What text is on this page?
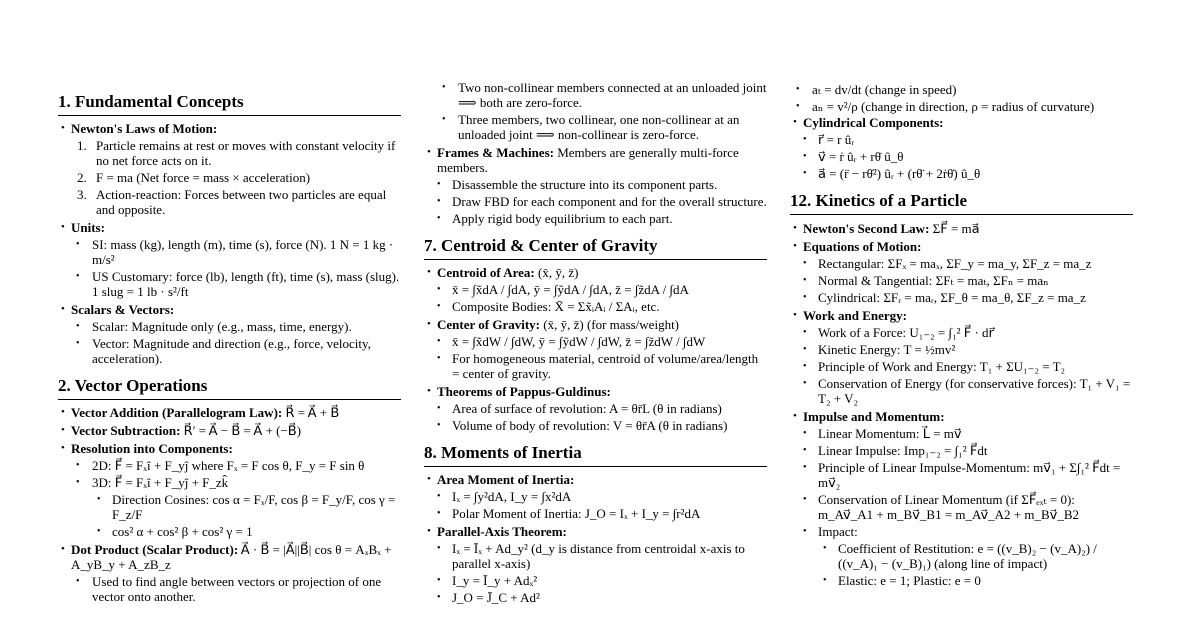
1. Fundamental Concepts
• Newton's Laws of Motion:
1. Particle remains at rest or moves with constant velocity if no net force acts on it.
2. F = ma (Net force = mass × acceleration)
3. Action-reaction: Forces between two particles are equal and opposite.
• Units:
• SI: mass (kg), length (m), time (s), force (N). 1 N = 1 kg · m/s²
• US Customary: force (lb), length (ft), time (s), mass (slug). 1 slug = 1 lb · s²/ft
• Scalars & Vectors:
• Scalar: Magnitude only (e.g., mass, time, energy).
• Vector: Magnitude and direction (e.g., force, velocity, acceleration).
2. Vector Operations
• Vector Addition (Parallelogram Law): R⃗ = A⃗ + B⃗
• Vector Subtraction: R⃗′ = A⃗ − B⃗ = A⃗ + (−B⃗)
• Resolution into Components:
• 2D: F⃗ = Fₓî + F_yĵ where Fₓ = F cos θ, F_y = F sin θ
• 3D: F⃗ = Fₓî + F_yĵ + F_zk̂
• Direction Cosines: cos α = Fₓ/F, cos β = F_y/F, cos γ = F_z/F
• cos² α + cos² β + cos² γ = 1
• Dot Product (Scalar Product): A⃗ · B⃗ = |A⃗||B⃗| cos θ = AₓBₓ + A_yB_y + A_zB_z
• Used to find angle between vectors or projection of one vector onto another.
• Two non-collinear members connected at an unloaded joint ⟹ both are zero-force.
• Three members, two collinear, one non-collinear at an unloaded joint ⟹ non-collinear is zero-force.
• Frames & Machines: Members are generally multi-force members.
• Disassemble the structure into its component parts.
• Draw FBD for each component and for the overall structure.
• Apply rigid body equilibrium to each part.
7. Centroid & Center of Gravity
• Centroid of Area: (x̄, ȳ, z̄)
• x̄ = ∫x̃dA / ∫dA, ȳ = ∫ỹdA / ∫dA, z̄ = ∫z̃dA / ∫dA
• Composite Bodies: X̄ = Σx̃ᵢAᵢ / ΣAᵢ, etc.
• Center of Gravity: (x̄, ȳ, z̄) (for mass/weight)
• x̄ = ∫x̃dW / ∫dW, ȳ = ∫ỹdW / ∫dW, z̄ = ∫z̃dW / ∫dW
• For homogeneous material, centroid of volume/area/length = center of gravity.
• Theorems of Pappus-Guldinus:
• Area of surface of revolution: A = θr̄L (θ in radians)
• Volume of body of revolution: V = θr̄A (θ in radians)
8. Moments of Inertia
• Area Moment of Inertia:
• Iₓ = ∫y²dA, I_y = ∫x²dA
• Polar Moment of Inertia: J_O = Iₓ + I_y = ∫r²dA
• Parallel-Axis Theorem:
• Iₓ = Īₓ + Ad_y² (d_y is distance from centroidal x-axis to parallel x-axis)
• I_y = Ī_y + Adₓ²
• J_O = J̄_C + Ad²
• aₜ = dv/dt (change in speed)
• aₙ = v²/ρ (change in direction, ρ = radius of curvature)
• Cylindrical Components:
• r⃗ = r ûᵣ
• v⃗ = ṙ ûᵣ + rθ̇ û_θ
• a⃗ = (r̈ − rθ̇²) ûᵣ + (rθ̈ + 2ṙθ̇) û_θ
12. Kinetics of a Particle
• Newton's Second Law: ΣF⃗ = ma⃗
• Equations of Motion:
• Rectangular: ΣFₓ = maₓ, ΣF_y = ma_y, ΣF_z = ma_z
• Normal & Tangential: ΣFₜ = maₜ, ΣFₙ = maₙ
• Cylindrical: ΣFᵣ = maᵣ, ΣF_θ = ma_θ, ΣF_z = ma_z
• Work and Energy:
• Work of a Force: U₁₋₂ = ∫₁² F⃗ · dr⃗
• Kinetic Energy: T = ½mv²
• Principle of Work and Energy: T₁ + ΣU₁₋₂ = T₂
• Conservation of Energy (for conservative forces): T₁ + V₁ = T₂ + V₂
• Impulse and Momentum:
• Linear Momentum: L⃗ = mv⃗
• Linear Impulse: Imp₁₋₂ = ∫₁² F⃗dt
• Principle of Linear Impulse-Momentum: mv⃗₁ + Σ∫₁² F⃗dt = mv⃗₂
• Conservation of Linear Momentum (if ΣF⃗ₑₓₜ = 0): m_Av⃗_A1 + m_Bv⃗_B1 = m_Av⃗_A2 + m_Bv⃗_B2
• Impact:
• Coefficient of Restitution: e = ((v_B)₂ − (v_A)₂) / ((v_A)₁ − (v_B)₁) (along line of impact)
• Elastic: e = 1; Plastic: e = 0
